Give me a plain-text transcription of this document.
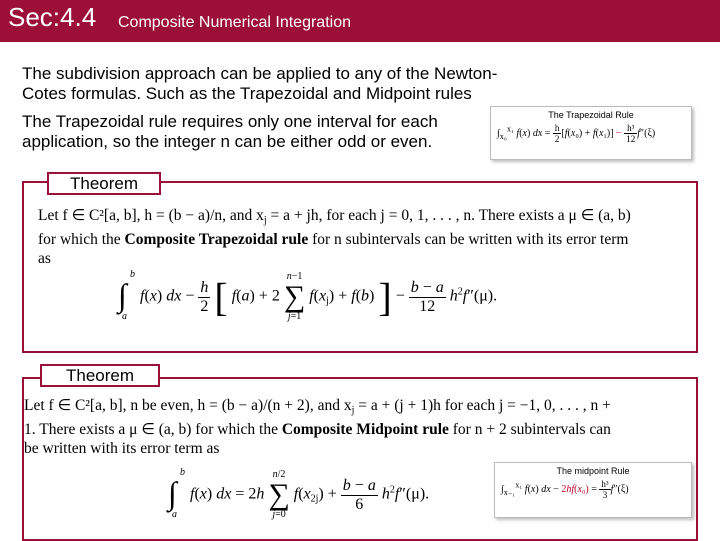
Sec:4.4 Composite Numerical Integration
The subdivision approach can be applied to any of the Newton-Cotes formulas. Such as the Trapezoidal and Midpoint rules
The Trapezoidal rule requires only one interval for each application, so the integer n can be either odd or even.
The Trapezoidal Rule
$\int_{x_0}^{x_1}$ f(x) dx = $\frac{h}{2} [f(x_0) + f(x_1)] - \frac{\text{h³}}{12} f''(\xi)$
Theorem
Let f ∈ C²[a, b], h = (b − a)/n, and $x_j = a$ + jh, for each j = 0, 1, . . . , n. There exists a μ ∈ (a, b) for which the Composite Trapezoidal rule for n subintervals can be written with its error term as
∫
b
a
f(x) dx − $\frac{h}{2}$ [ f(a) + 2
n−1
∑
j=1
$f(x_j) + f(b)$ ] − $\frac{b - a}{12} h^2f''(\mu)$.
Theorem
Let f ∈ C²[a, b], n be even, h = (b − a)/(n + 2), and $x_j = a + (j + 1)h$ for each j = −1, 0, . . . , n + 1. There exists a μ ∈ (a, b) for which the Composite Midpoint rule for n + 2 subintervals can be written with its error term as
∫
b
a
f(x) dx = 2h
n/2
∑
j=0
$f(x_{2j}) + \frac{b - a}{6} h^2f''(\mu)$.
The midpoint Rule
$\int_{x_{-1}}^{x_1}$ f(x) dx − $2hf(x_0) = \frac{\text{h³}}{3} f''(\xi)$
